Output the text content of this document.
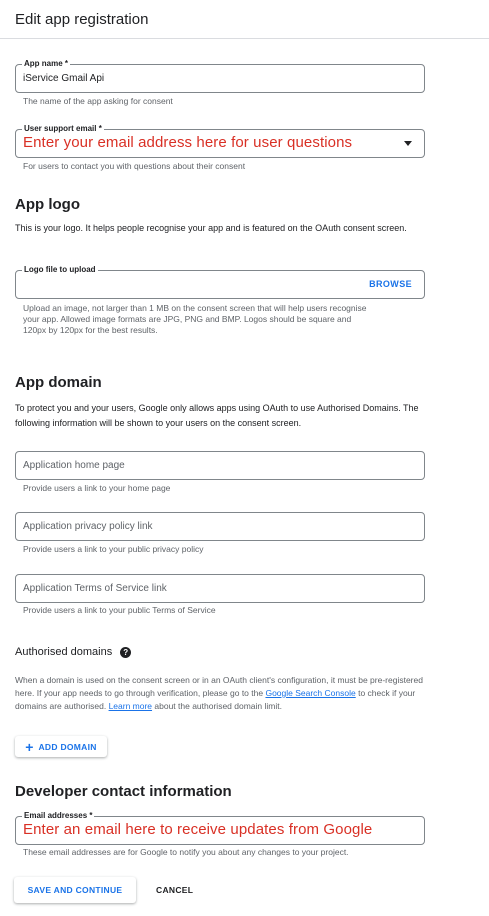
Edit app registration
App name *
iService Gmail Api
The name of the app asking for consent
User support email *
Enter your email address here for user questions
For users to contact you with questions about their consent
App logo
This is your logo. It helps people recognise your app and is featured on the OAuth consent screen.
Logo file to upload
BROWSE
Upload an image, not larger than 1 MB on the consent screen that will help users recognise your app. Allowed image formats are JPG, PNG and BMP. Logos should be square and 120px by 120px for the best results.
App domain
To protect you and your users, Google only allows apps using OAuth to use Authorised Domains. The following information will be shown to your users on the consent screen.
Application home page
Provide users a link to your home page
Application privacy policy link
Provide users a link to your public privacy policy
Application Terms of Service link
Provide users a link to your public Terms of Service
Authorised domains	?
When a domain is used on the consent screen or in an OAuth client's configuration, it must be pre-registered here. If your app needs to go through verification, please go to the Google Search Console to check if your domains are authorised. Learn more about the authorised domain limit.
+ ADD DOMAIN
Developer contact information
Email addresses *
Enter an email here to receive updates from Google
These email addresses are for Google to notify you about any changes to your project.
SAVE AND CONTINUE	CANCEL
